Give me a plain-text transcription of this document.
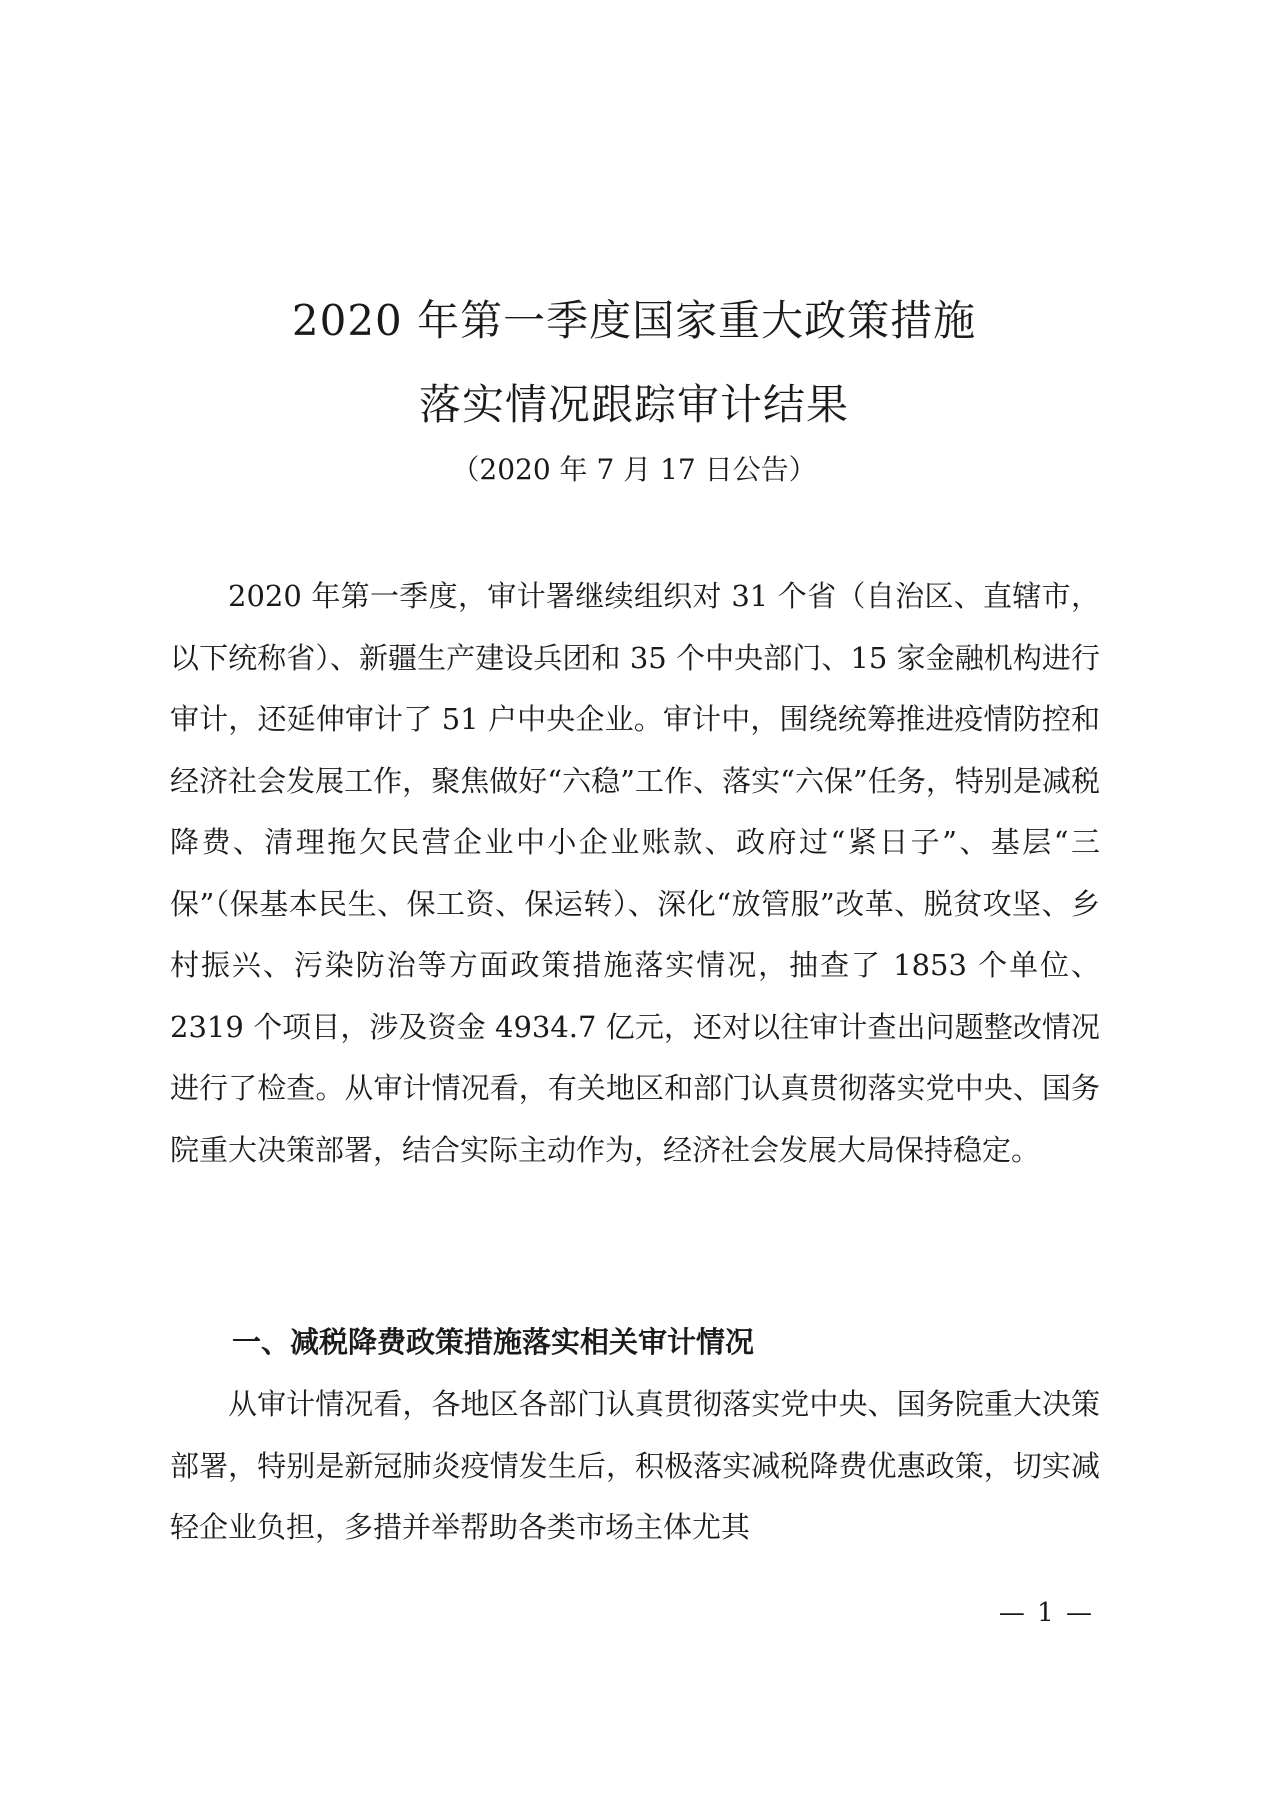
2020 年第一季度国家重大政策措施
落实情况跟踪审计结果
（2020 年 7 月 17 日公告）

2020 年第一季度，审计署继续组织对 31 个省（自治区、直辖市，以下统称省）、新疆生产建设兵团和 35 个中央部门、15 家金融机构进行审计，还延伸审计了 51 户中央企业。审计中，围绕统筹推进疫情防控和经济社会发展工作，聚焦做好“六稳”工作、落实“六保”任务，特别是减税降费、清理拖欠民营企业中小企业账款、政府过“紧日子”、基层“三保”（保基本民生、保工资、保运转）、深化“放管服”改革、脱贫攻坚、乡村振兴、污染防治等方面政策措施落实情况，抽查了 1853 个单位、2319 个项目，涉及资金 4934.7 亿元，还对以往审计查出问题整改情况进行了检查。从审计情况看，有关地区和部门认真贯彻落实党中央、国务院重大决策部署，结合实际主动作为，经济社会发展大局保持稳定。

一、减税降费政策措施落实相关审计情况

从审计情况看，各地区各部门认真贯彻落实党中央、国务院重大决策部署，特别是新冠肺炎疫情发生后，积极落实减税降费优惠政策，切实减轻企业负担，多措并举帮助各类市场主体尤其

— 1 —
